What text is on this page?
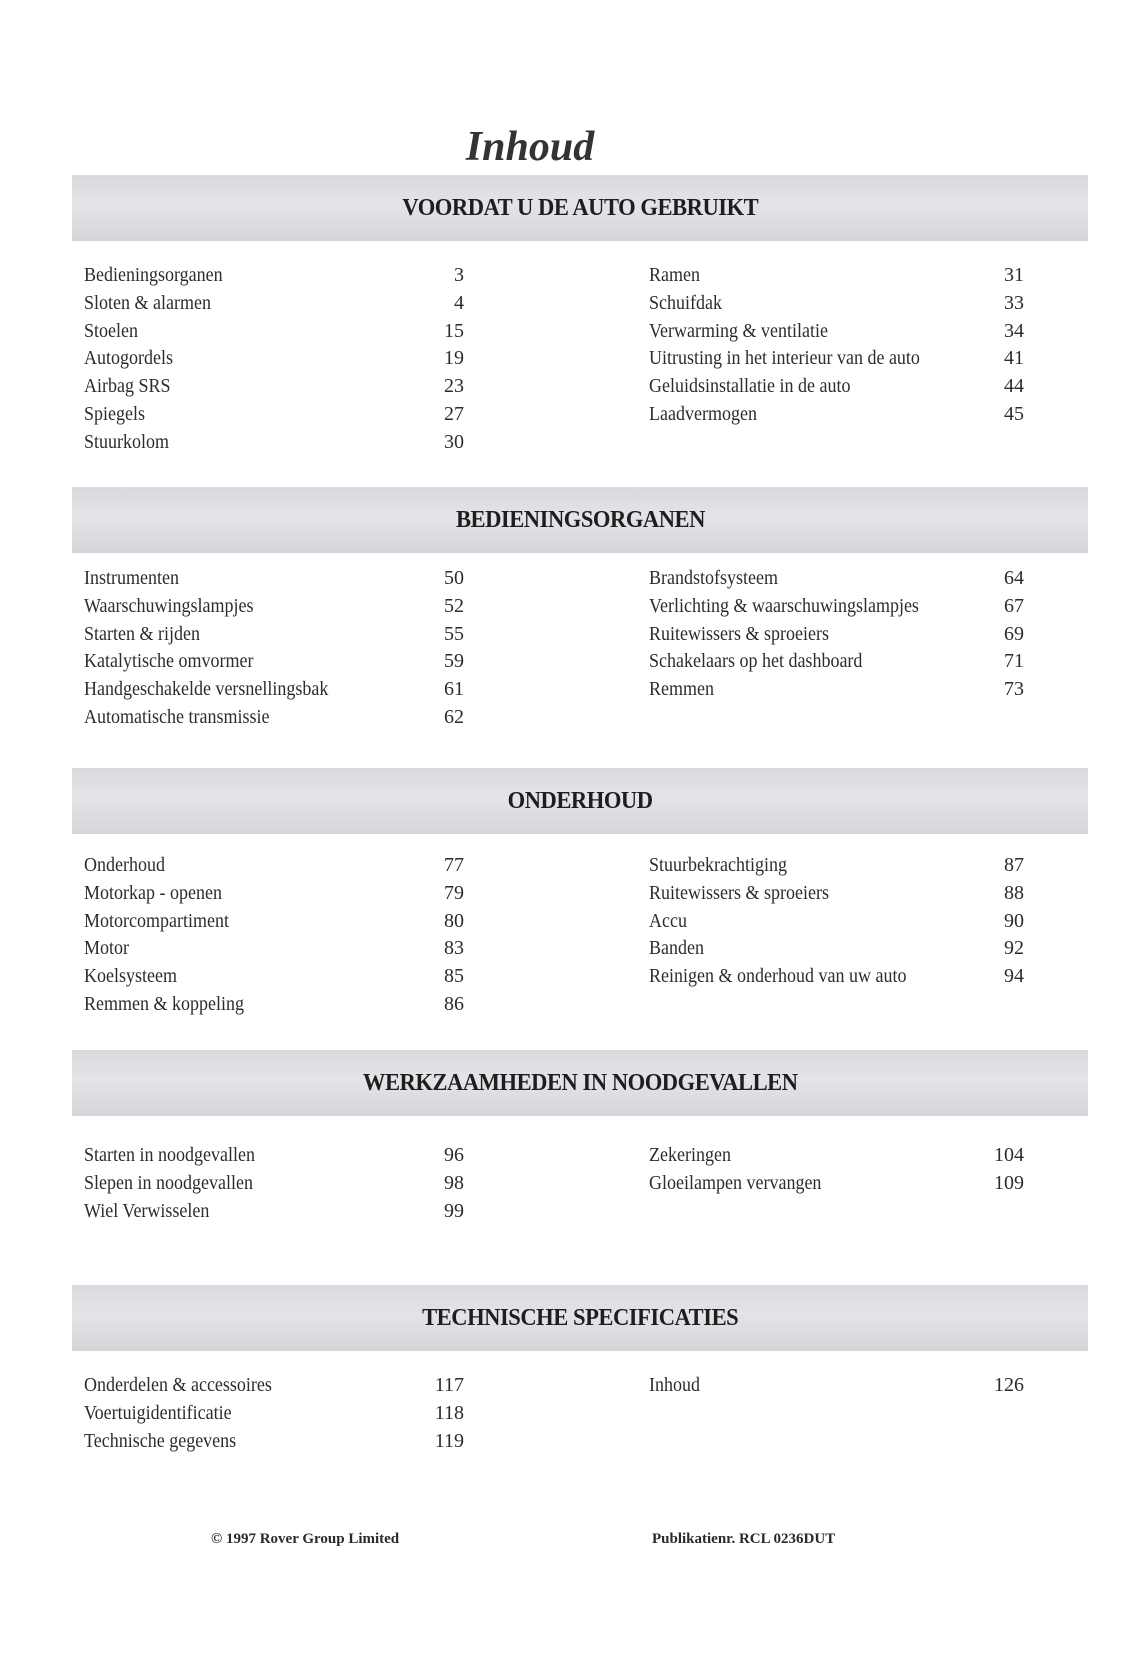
Inhoud
VOORDAT U DE AUTO GEBRUIKT
BEDIENINGSORGANEN
ONDERHOUD
WERKZAAMHEDEN IN NOODGEVALLEN
TECHNISCHE SPECIFICATIES
Bedieningsorganen	3
Sloten & alarmen	4
Stoelen	15
Autogordels	19
Airbag SRS	23
Spiegels	27
Stuurkolom	30
Ramen	31
Schuifdak	33
Verwarming & ventilatie	34
Uitrusting in het interieur van de auto	41
Geluidsinstallatie in de auto	44
Laadvermogen	45
Instrumenten	50
Waarschuwingslampjes	52
Starten & rijden	55
Katalytische omvormer	59
Handgeschakelde versnellingsbak	61
Automatische transmissie	62
Brandstofsysteem	64
Verlichting & waarschuwingslampjes	67
Ruitewissers & sproeiers	69
Schakelaars op het dashboard	71
Remmen	73
Onderhoud	77
Motorkap - openen	79
Motorcompartiment	80
Motor	83
Koelsysteem	85
Remmen & koppeling	86
Stuurbekrachtiging	87
Ruitewissers & sproeiers	88
Accu	90
Banden	92
Reinigen & onderhoud van uw auto	94
Starten in noodgevallen	96
Slepen in noodgevallen	98
Wiel Verwisselen	99
Zekeringen	104
Gloeilampen vervangen	109
Onderdelen & accessoires	117
Voertuigidentificatie	118
Technische gegevens	119
Inhoud	126
© 1997 Rover Group Limited	Publikatienr. RCL 0236DUT
